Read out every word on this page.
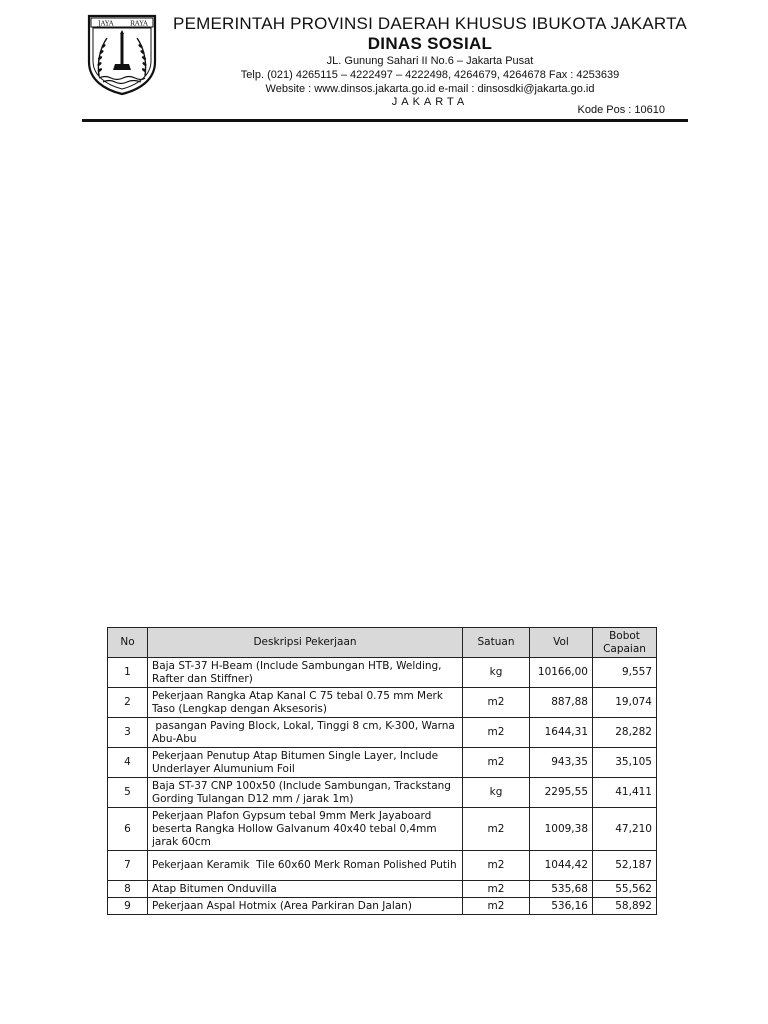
JAYA	RAYA	PEMERINTAH PROVINSI DAERAH KHUSUS IBUKOTA JAKARTA
DINAS SOSIAL
JL. Gunung Sahari II No.6 – Jakarta Pusat
Telp. (021) 4265115 – 4222497 – 4222498, 4264679, 4264678 Fax : 4253639
Website : www.dinsos.jakarta.go.id e-mail : dinsosdki@jakarta.go.id
JAKARTA
Kode Pos : 10610
No	Deskripsi Pekerjaan	Satuan	Vol	Bobot Capaian
1	Baja ST-37 H-Beam (Include Sambungan HTB, Welding, Rafter dan Stiffner)	kg	10166,00	9,557
2	Pekerjaan Rangka Atap Kanal C 75 tebal 0.75 mm Merk Taso (Lengkap dengan Aksesoris)	m2	887,88	19,074
3	pasangan Paving Block, Lokal, Tinggi 8 cm, K-300, Warna Abu-Abu	m2	1644,31	28,282
4	Pekerjaan Penutup Atap Bitumen Single Layer, Include Underlayer Alumunium Foil	m2	943,35	35,105
5	Baja ST-37 CNP 100x50 (Include Sambungan, Trackstang Gording Tulangan D12 mm / jarak 1m)	kg	2295,55	41,411
6	Pekerjaan Plafon Gypsum tebal 9mm Merk Jayaboard beserta Rangka Hollow Galvanum 40x40 tebal 0,4mm jarak 60cm	m2	1009,38	47,210
7	Pekerjaan Keramik  Tile 60x60 Merk Roman Polished Putih	m2	1044,42	52,187
8	Atap Bitumen Onduvilla	m2	535,68	55,562
9	Pekerjaan Aspal Hotmix (Area Parkiran Dan Jalan)	m2	536,16	58,892
